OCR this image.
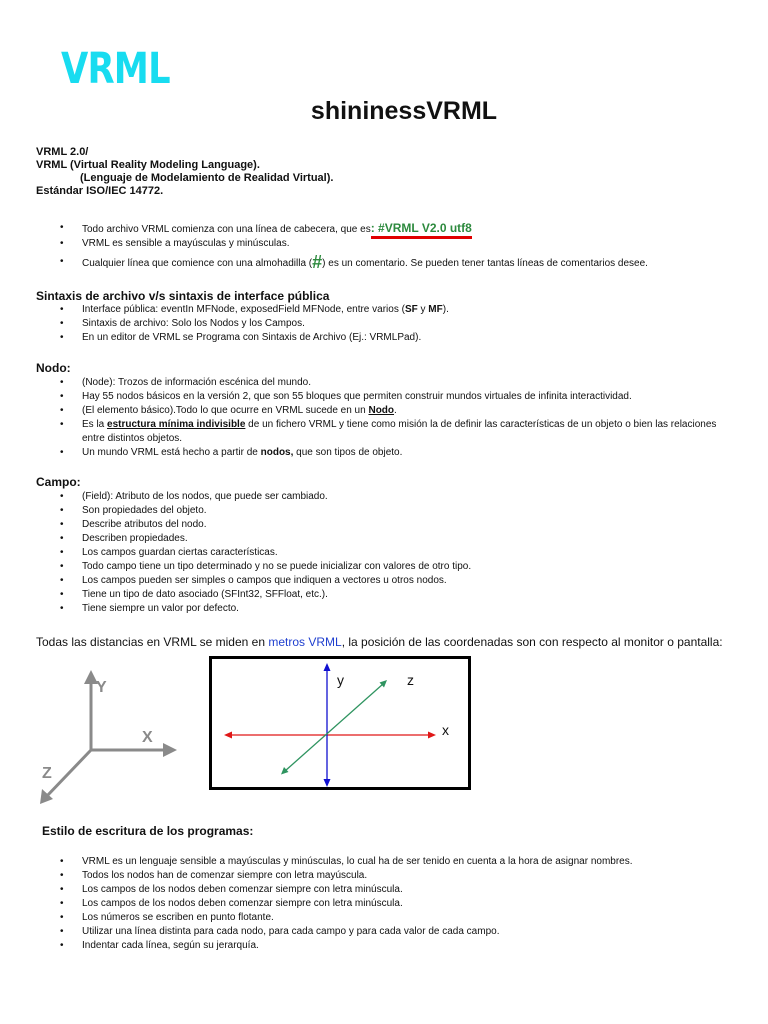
VRML
shininessVRML
VRML 2.0/
VRML (Virtual Reality Modeling Language).
(Lenguaje de Modelamiento de Realidad Virtual).
Estándar ISO/IEC 14772.
• Todo archivo VRML comienza con una línea de cabecera, que es: #VRML V2.0 utf8
• VRML es sensible a mayúsculas y minúsculas.
• Cualquier línea que comience con una almohadilla (#) es un comentario. Se pueden tener tantas líneas de comentarios desee.
Sintaxis de archivo v/s sintaxis de interface pública
• Interface pública: eventIn MFNode, exposedField MFNode, entre varios (SF y MF).
• Sintaxis de archivo: Solo los Nodos y los Campos.
• En un editor de VRML se Programa con Sintaxis de Archivo (Ej.: VRMLPad).
Nodo:
• (Node): Trozos de información escénica del mundo.
• Hay 55 nodos básicos en la versión 2, que son 55 bloques que permiten construir mundos virtuales de infinita interactividad.
• (El elemento básico).Todo lo que ocurre en VRML sucede en un Nodo.
• Es la estructura mínima indivisible de un fichero VRML y tiene como misión la de definir las características de un objeto o bien las relaciones entre distintos objetos.
• Un mundo VRML está hecho a partir de nodos, que son tipos de objeto.
Campo:
• (Field): Atributo de los nodos, que puede ser cambiado.
• Son propiedades del objeto.
• Describe atributos del nodo.
• Describen propiedades.
• Los campos guardan ciertas características.
• Todo campo tiene un tipo determinado y no se puede inicializar con valores de otro tipo.
• Los campos pueden ser simples o campos que indiquen a vectores u otros nodos.
• Tiene un tipo de dato asociado (SFInt32, SFFloat, etc.).
• Tiene siempre un valor por defecto.
Todas las distancias en VRML se miden en metros VRML, la posición de las coordenadas son con respecto al monitor o pantalla:
Y
X
Z
y	z
x
Estilo de escritura de los programas:
• VRML es un lenguaje sensible a mayúsculas y minúsculas, lo cual ha de ser tenido en cuenta a la hora de asignar nombres.
• Todos los nodos han de comenzar siempre con letra mayúscula.
• Los campos de los nodos deben comenzar siempre con letra minúscula.
• Los campos de los nodos deben comenzar siempre con letra minúscula.
• Los números se escriben en punto flotante.
• Utilizar una línea distinta para cada nodo, para cada campo y para cada valor de cada campo.
• Indentar cada línea, según su jerarquía.
